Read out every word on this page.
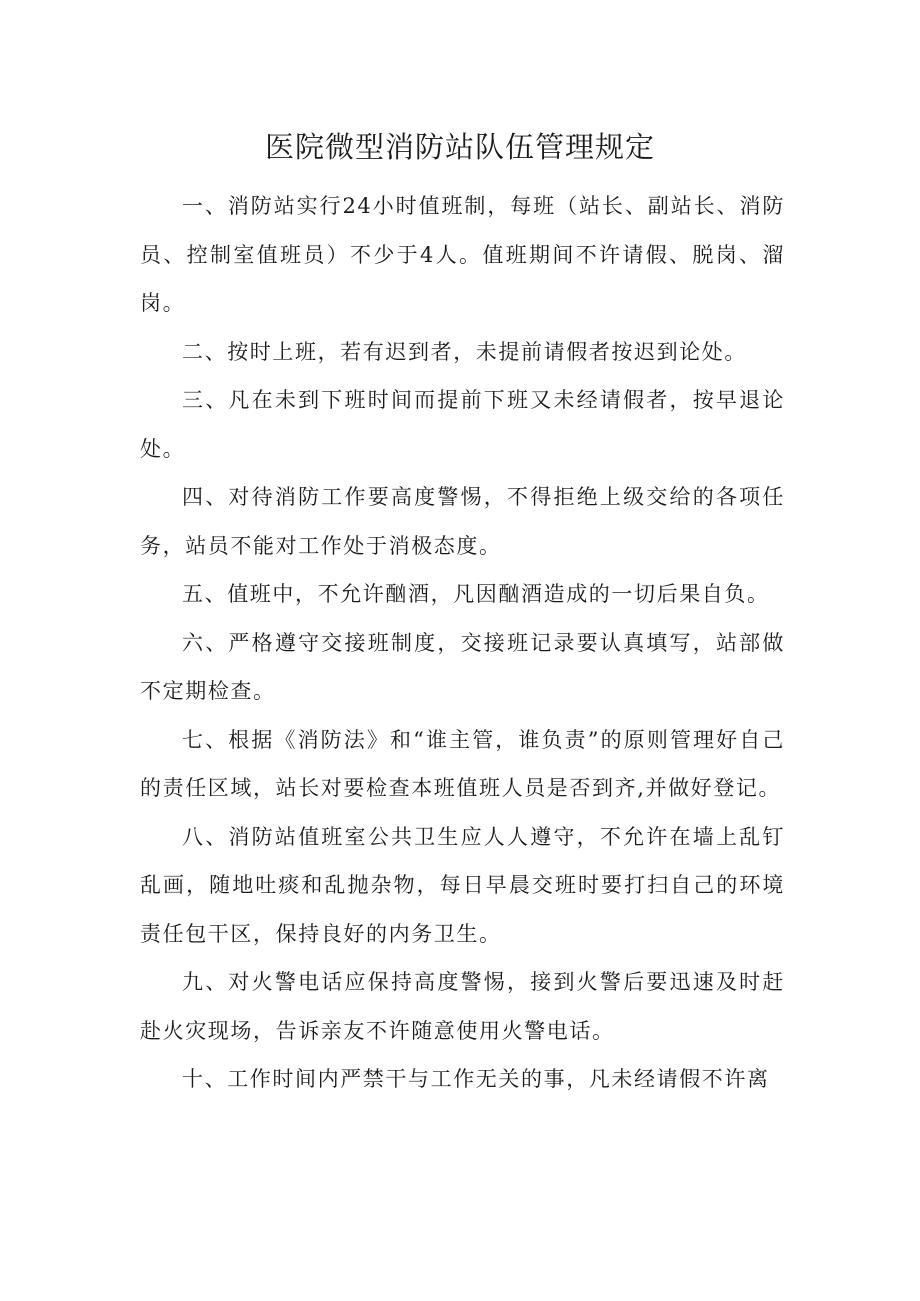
医院微型消防站队伍管理规定

一、消防站实行24小时值班制，每班（站长、副站长、消防员、控制室值班员）不少于4人。值班期间不许请假、脱岗、溜岗。

二、按时上班，若有迟到者，未提前请假者按迟到论处。

三、凡在未到下班时间而提前下班又未经请假者，按早退论处。

四、对待消防工作要高度警惕，不得拒绝上级交给的各项任务，站员不能对工作处于消极态度。

五、值班中，不允许酗酒，凡因酗酒造成的一切后果自负。

六、严格遵守交接班制度，交接班记录要认真填写，站部做不定期检查。

七、根据《消防法》和“谁主管，谁负责”的原则管理好自己的责任区域，站长对要检查本班值班人员是否到齐,并做好登记。

八、消防站值班室公共卫生应人人遵守，不允许在墙上乱钉乱画，随地吐痰和乱抛杂物，每日早晨交班时要打扫自己的环境责任包干区，保持良好的内务卫生。

九、对火警电话应保持高度警惕，接到火警后要迅速及时赶赴火灾现场，告诉亲友不许随意使用火警电话。

十、工作时间内严禁干与工作无关的事，凡未经请假不许离
